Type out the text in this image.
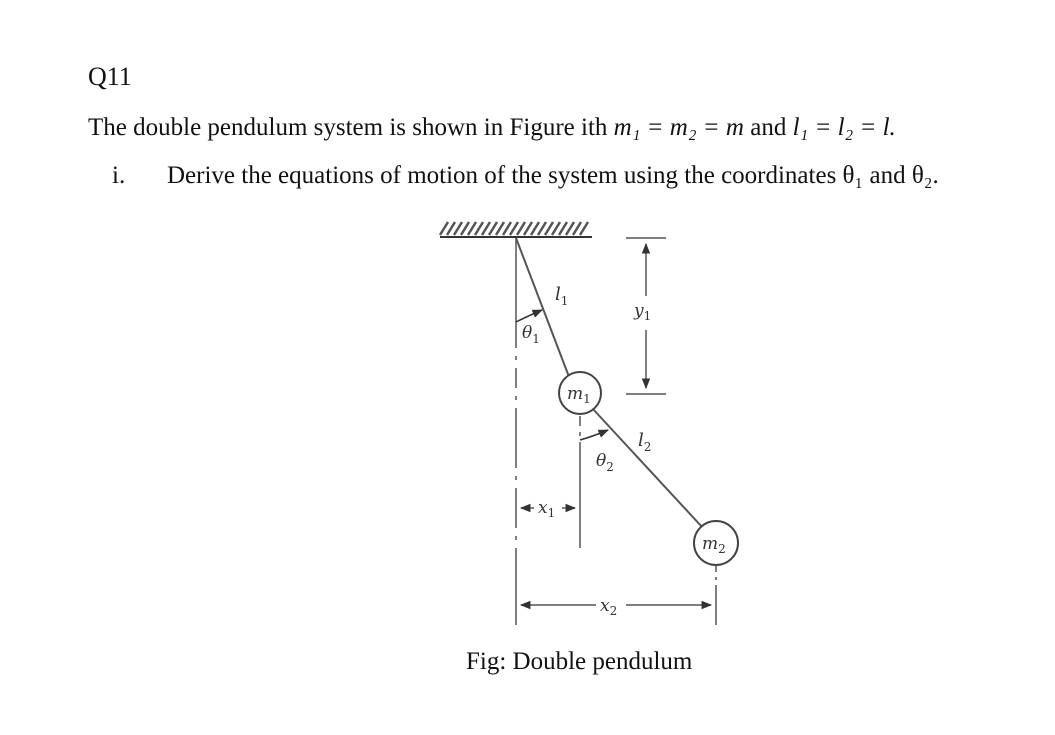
Q11
The double pendulum system is shown in Figure ith m₁ = m₂ = m and l₁ = l₂ = l.
i. Derive the equations of motion of the system using the coordinates θ₁ and θ₂.
$l_1$
$\theta_1$
$m_1$
$y_1$
$\theta_2$
$l_2$
$x_1$
$m_2$
$x_2$
Fig: Double pendulum
